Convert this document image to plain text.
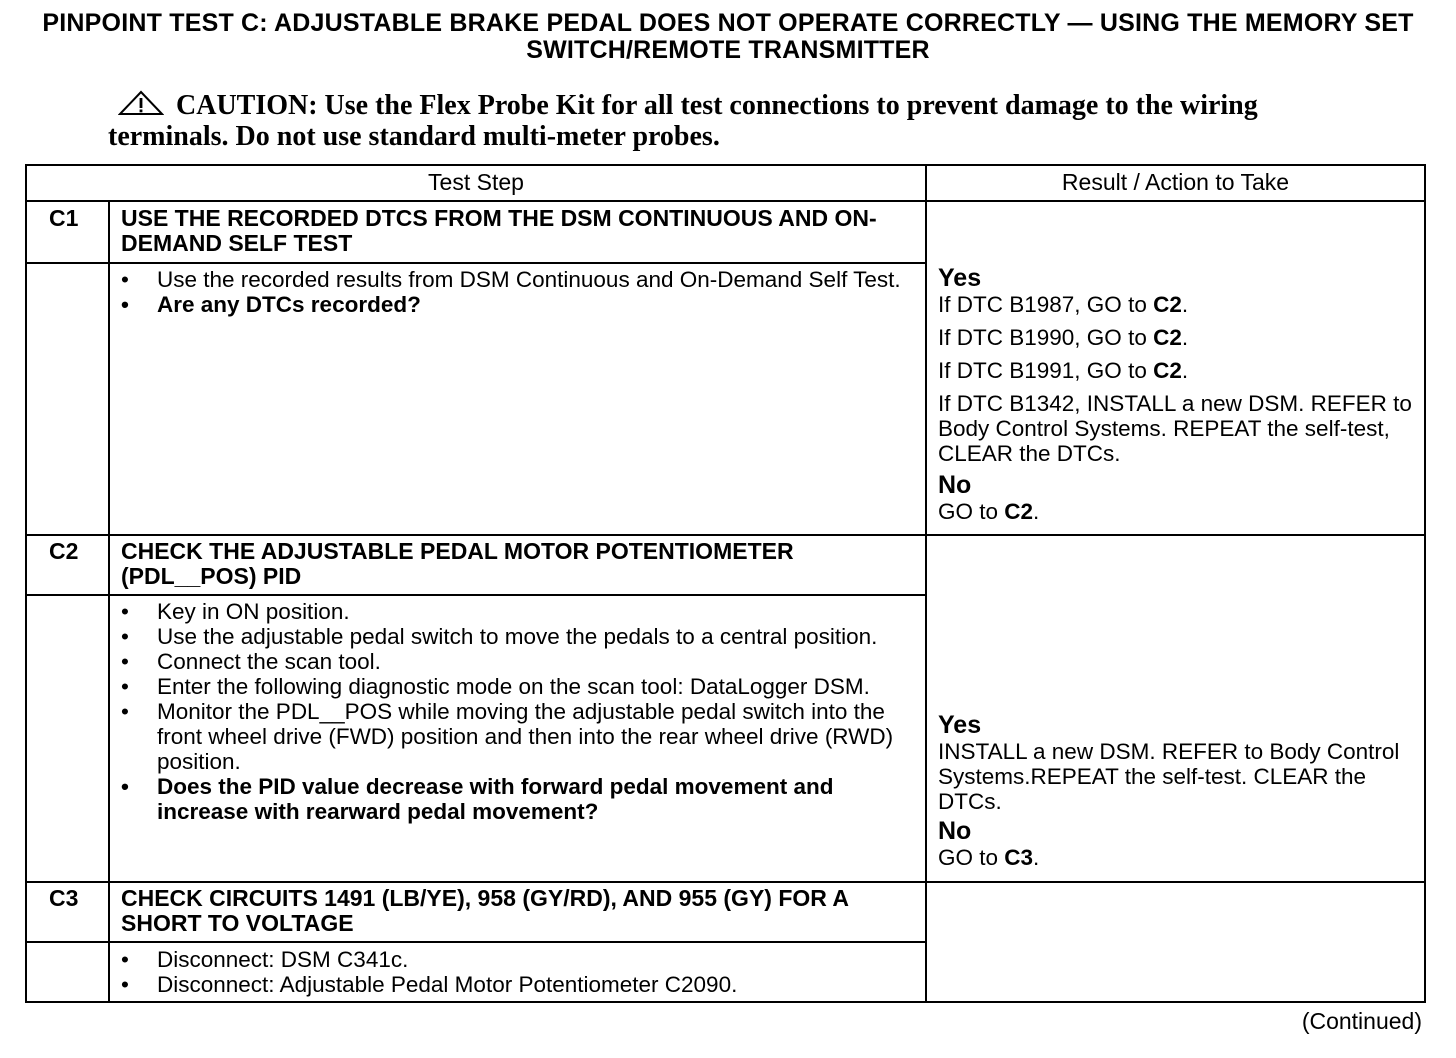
PINPOINT TEST C: ADJUSTABLE BRAKE PEDAL DOES NOT OPERATE CORRECTLY — USING THE MEMORY SET SWITCH/REMOTE TRANSMITTER
CAUTION: Use the Flex Probe Kit for all test connections to prevent damage to the wiring terminals. Do not use standard multi-meter probes.
Test Step	Result / Action to Take
C1 USE THE RECORDED DTCS FROM THE DSM CONTINUOUS AND ON-DEMAND SELF TEST
• Use the recorded results from DSM Continuous and On-Demand Self Test.
• Are any DTCs recorded?
Yes
If DTC B1987, GO to C2.
If DTC B1990, GO to C2.
If DTC B1991, GO to C2.
If DTC B1342, INSTALL a new DSM. REFER to Body Control Systems. REPEAT the self-test, CLEAR the DTCs.
No
GO to C2.
C2 CHECK THE ADJUSTABLE PEDAL MOTOR POTENTIOMETER (PDL__POS) PID
• Key in ON position.
• Use the adjustable pedal switch to move the pedals to a central position.
• Connect the scan tool.
• Enter the following diagnostic mode on the scan tool: DataLogger DSM.
• Monitor the PDL__POS while moving the adjustable pedal switch into the front wheel drive (FWD) position and then into the rear wheel drive (RWD) position.
• Does the PID value decrease with forward pedal movement and increase with rearward pedal movement?
Yes
INSTALL a new DSM. REFER to Body Control Systems.REPEAT the self-test. CLEAR the DTCs.
No
GO to C3.
C3 CHECK CIRCUITS 1491 (LB/YE), 958 (GY/RD), AND 955 (GY) FOR A SHORT TO VOLTAGE
• Disconnect: DSM C341c.
• Disconnect: Adjustable Pedal Motor Potentiometer C2090.
(Continued)
